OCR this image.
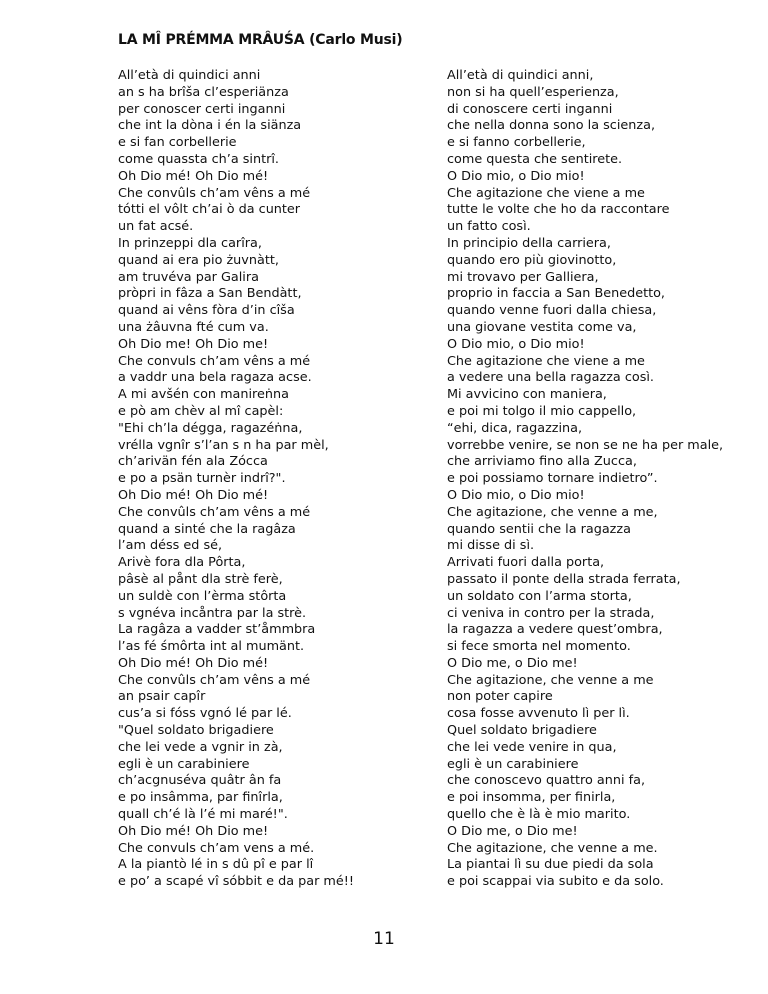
LA MÎ PRÉMMA MRÂUŚA (Carlo Musi)
All’età di quindici anni
an s ha brîša cl’esperiänza
per conoscer certi inganni
che int la dòna i én la siänza
e si fan corbellerie
come quassta ch’a sintrî.
Oh Dio mé! Oh Dio mé!
Che convûls ch’am vêns a mé
tótti el vôlt ch’ai ò da cunter
un fat acsé.
In prinzeppi dla carîra,
quand ai era pio żuvnàtt,
am truvéva par Galira
pròpri in fâza a San Bendàtt,
quand ai vêns fòra d’in cîša
una żâuvna fté cum va.
Oh Dio me! Oh Dio me!
Che convuls ch’am vêns a mé
a vaddr una bela ragaza acse.
A mi avšén con manireṅna
e pò am chèv al mî capèl:
"Ehi ch’la dégga, ragazéṅna,
vrélla vgnîr s’l’an s n ha par mèl,
ch’arivän fén ala Zócca
e po a psän turnèr indrî?".
Oh Dio mé! Oh Dio mé!
Che convûls ch’am vêns a mé
quand a sinté che la ragâza
l’am déss ed sé,
Arivè fora dla Pôrta,
pâsè al pånt dla strè ferè,
un suldè con l’èrma stôrta
s vgnéva incåntra par la strè.
La ragâza a vadder st’åmmbra
l’as fé śmôrta int al mumänt.
Oh Dio mé! Oh Dio mé!
Che convûls ch’am vêns a mé
an psair capîr
cus’a si fóss vgnó lé par lé.
"Quel soldato brigadiere
che lei vede a vgnir in zà,
egli è un carabiniere
ch’acgnuséva quâtr ân fa
e po insâmma, par finîrla,
quall ch’é là l’é mi maré!".
Oh Dio mé! Oh Dio me!
Che convuls ch’am vens a mé.
A la piantò lé in s dû pî e par lî
e po’ a scapé vî sóbbit e da par mé!!
All’età di quindici anni,
non si ha quell’esperienza,
di conoscere certi inganni
che nella donna sono la scienza,
e si fanno corbellerie,
come questa che sentirete.
O Dio mio, o Dio mio!
Che agitazione che viene a me
tutte le volte che ho da raccontare
un fatto così.
In principio della carriera,
quando ero più giovinotto,
mi trovavo per Galliera,
proprio in faccia a San Benedetto,
quando venne fuori dalla chiesa,
una giovane vestita come va,
O Dio mio, o Dio mio!
Che agitazione che viene a me
a vedere una bella ragazza così.
Mi avvicino con maniera,
e poi mi tolgo il mio cappello,
“ehi, dica, ragazzina,
vorrebbe venire, se non se ne ha per male,
che arriviamo fino alla Zucca,
e poi possiamo tornare indietro”.
O Dio mio, o Dio mio!
Che agitazione, che venne a me,
quando sentii che la ragazza
mi disse di sì.
Arrivati fuori dalla porta,
passato il ponte della strada ferrata,
un soldato con l’arma storta,
ci veniva in contro per la strada,
la ragazza a vedere quest’ombra,
si fece smorta nel momento.
O Dio me, o Dio me!
Che agitazione, che venne a me
non poter capire
cosa fosse avvenuto lì per lì.
Quel soldato brigadiere
che lei vede venire in qua,
egli è un carabiniere
che conoscevo quattro anni fa,
e poi insomma, per finirla,
quello che è là è mio marito.
O Dio me, o Dio me!
Che agitazione, che venne a me.
La piantai lì su due piedi da sola
e poi scappai via subito e da solo.
11
